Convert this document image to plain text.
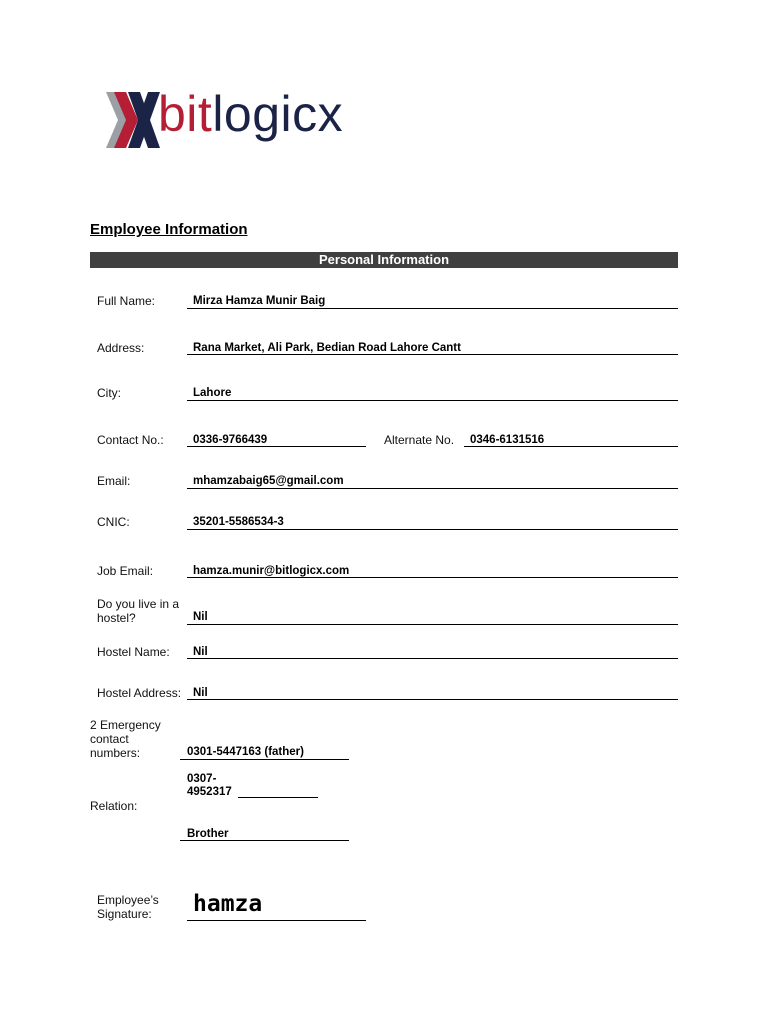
bitlogicx
Employee Information
Personal Information
Full Name:	Mirza Hamza Munir Baig
Address:	Rana Market, Ali Park, Bedian Road Lahore Cantt
City:	Lahore
Contact No.:	0336-9766439	Alternate No. 0346-6131516
Email:	mhamzabaig65@gmail.com
CNIC:	35201-5586534-3
Job Email:	hamza.munir@bitlogicx.com
Do you live in a
hostel?	Nil
Hostel Name: Nil
Hostel Address: Nil
2 Emergency
contact
numbers:	0301-5447163 (father)
0307-
4952317
Relation:
Brother
Employee’s
Signature:	hamza
